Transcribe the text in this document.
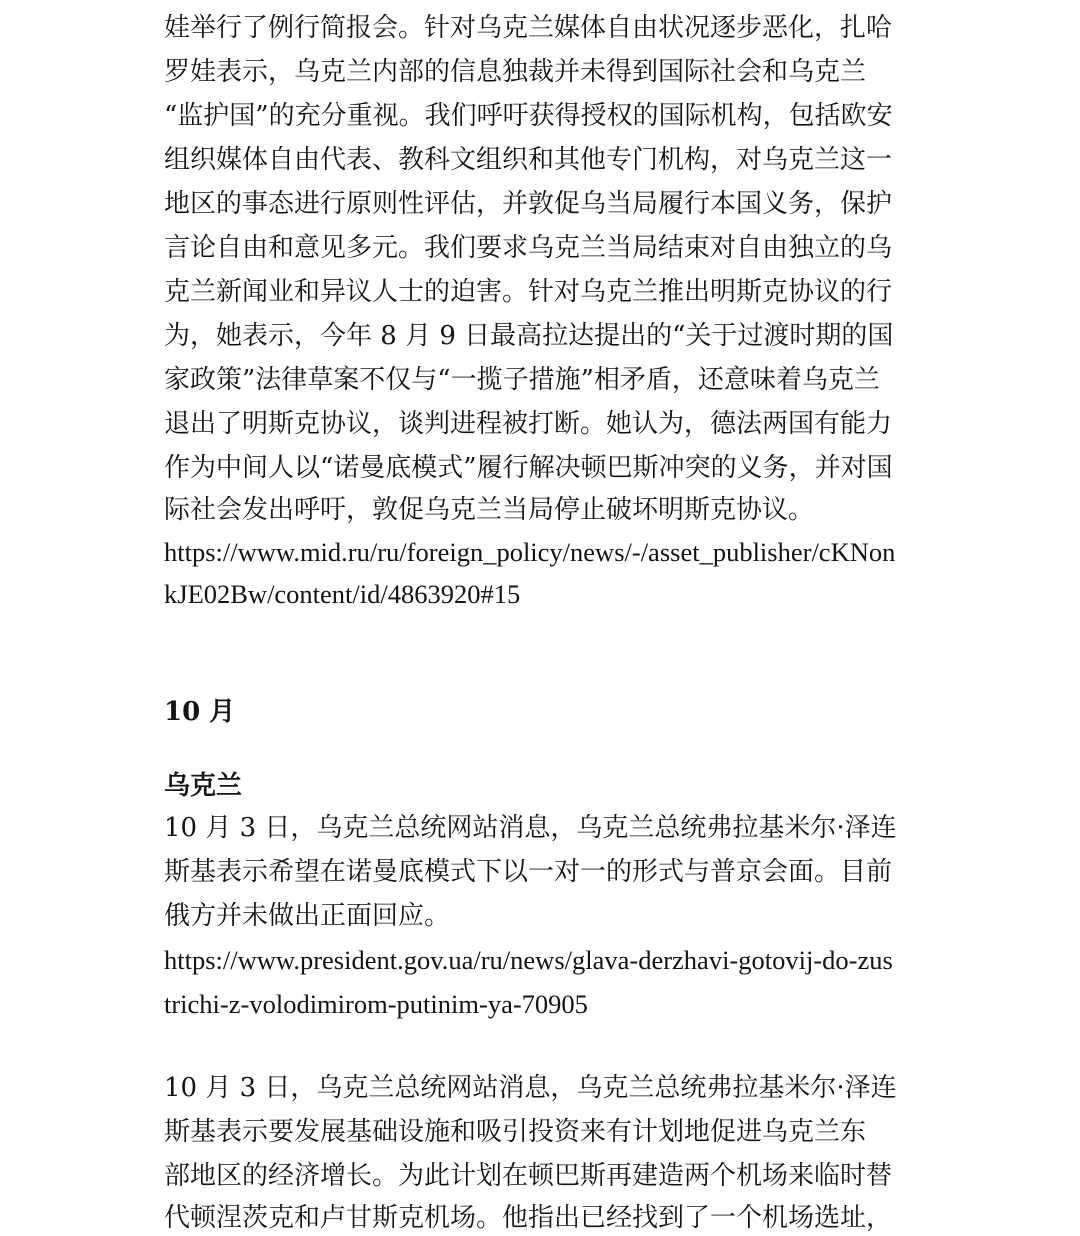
娃举行了例行简报会。针对乌克兰媒体自由状况逐步恶化，扎哈
罗娃表示，乌克兰内部的信息独裁并未得到国际社会和乌克兰
“监护国”的充分重视。我们呼吁获得授权的国际机构，包括欧安
组织媒体自由代表、教科文组织和其他专门机构，对乌克兰这一
地区的事态进行原则性评估，并敦促乌当局履行本国义务，保护
言论自由和意见多元。我们要求乌克兰当局结束对自由独立的乌
克兰新闻业和异议人士的迫害。针对乌克兰推出明斯克协议的行
为，她表示，今年 8 月 9 日最高拉达提出的“关于过渡时期的国
家政策”法律草案不仅与“一揽子措施”相矛盾，还意味着乌克兰
退出了明斯克协议，谈判进程被打断。她认为，德法两国有能力
作为中间人以“诺曼底模式”履行解决顿巴斯冲突的义务，并对国
际社会发出呼吁，敦促乌克兰当局停止破坏明斯克协议。
https://www.mid.ru/ru/foreign_policy/news/-/asset_publisher/cKNon
kJE02Bw/content/id/4863920#15
10 月
乌克兰
10 月 3 日，乌克兰总统网站消息，乌克兰总统弗拉基米尔·泽连
斯基表示希望在诺曼底模式下以一对一的形式与普京会面。目前
俄方并未做出正面回应。
https://www.president.gov.ua/ru/news/glava-derzhavi-gotovij-do-zus
trichi-z-volodimirom-putinim-ya-70905
10 月 3 日，乌克兰总统网站消息，乌克兰总统弗拉基米尔·泽连
斯基表示要发展基础设施和吸引投资来有计划地促进乌克兰东
部地区的经济增长。为此计划在顿巴斯再建造两个机场来临时替
代顿涅茨克和卢甘斯克机场。他指出已经找到了一个机场选址，
